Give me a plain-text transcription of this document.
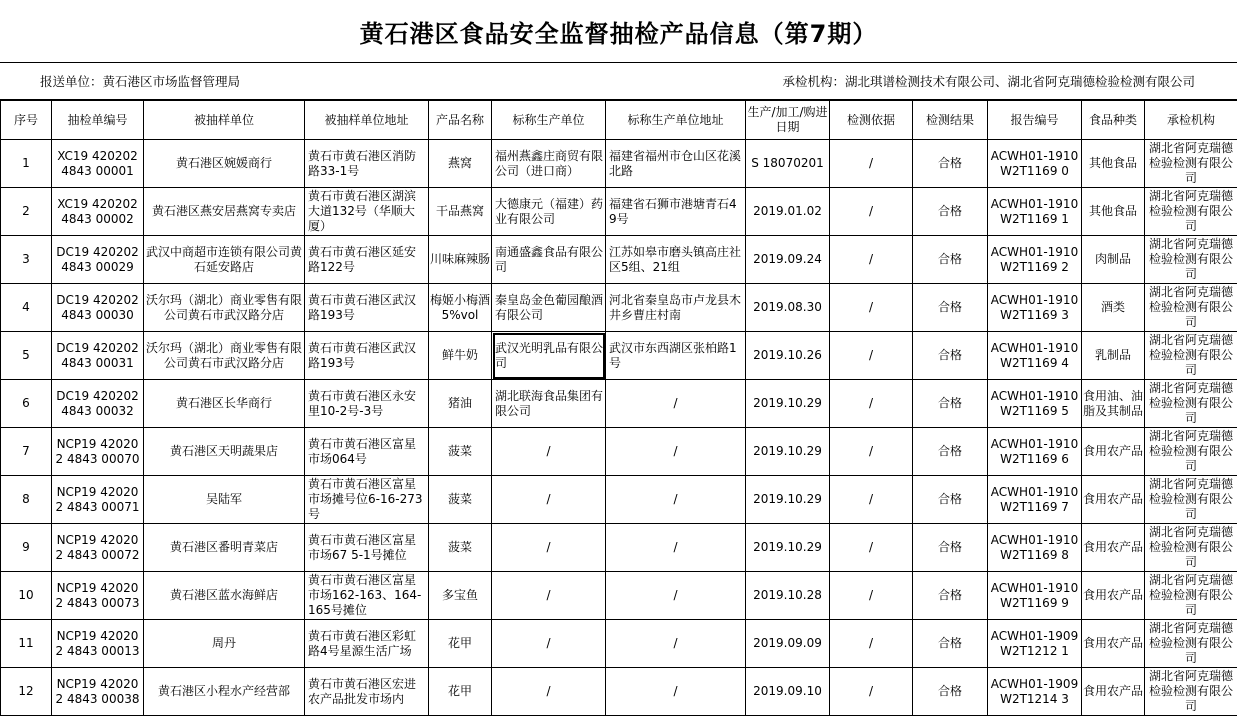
黄石港区食品安全监督抽检产品信息（第7期）
报送单位：黄石港区市场监督管理局	承检机构：湖北琪谱检测技术有限公司、湖北省阿克瑞德检验检测有限公司
序号	抽检单编号	被抽样单位	被抽样单位地址	产品名称	标称生产单位	标称生产单位地址	生产/加工/购进日期	检测依据	检测结果	报告编号	食品种类	承检机构
1	XC19 420202 4843 00001	黄石港区婉媛商行	黄石市黄石港区消防路33-1号	燕窝	福州燕鑫庄商贸有限公司（进口商）	福建省福州市仓山区花溪北路	S 18070201	/	合格	ACWH01-1910W2T1169 0	其他食品	湖北省阿克瑞德检验检测有限公司
2	XC19 420202 4843 00002	黄石港区燕安居燕窝专卖店	黄石市黄石港区湖滨大道132号（华顺大厦）	干品燕窝	大德康元（福建）药业有限公司	福建省石狮市港塘青石49号	2019.01.02	/	合格	ACWH01-1910W2T1169 1	其他食品	湖北省阿克瑞德检验检测有限公司
3	DC19 420202 4843 00029	武汉中商超市连锁有限公司黄石延安路店	黄石市黄石港区延安路122号	川味麻辣肠	南通盛鑫食品有限公司	江苏如皋市磨头镇高庄社区5组、21组	2019.09.24	/	合格	ACWH01-1910W2T1169 2	肉制品	湖北省阿克瑞德检验检测有限公司
4	DC19 420202 4843 00030	沃尔玛（湖北）商业零售有限公司黄石市武汉路分店	黄石市黄石港区武汉路193号	梅姬小梅酒5%vol	秦皇岛金色葡园酿酒有限公司	河北省秦皇岛市卢龙县木井乡曹庄村南	2019.08.30	/	合格	ACWH01-1910W2T1169 3	酒类	湖北省阿克瑞德检验检测有限公司
5	DC19 420202 4843 00031	沃尔玛（湖北）商业零售有限公司黄石市武汉路分店	黄石市黄石港区武汉路193号	鲜牛奶	武汉光明乳品有限公司	武汉市东西湖区张柏路1号	2019.10.26	/	合格	ACWH01-1910W2T1169 4	乳制品	湖北省阿克瑞德检验检测有限公司
6	DC19 420202 4843 00032	黄石港区长华商行	黄石市黄石港区永安里10-2号-3号	猪油	湖北联海食品集团有限公司	/	2019.10.29	/	合格	ACWH01-1910W2T1169 5	食用油、油脂及其制品	湖北省阿克瑞德检验检测有限公司
7	NCP19 420202 4843 00070	黄石港区天明蔬果店	黄石市黄石港区富星市场064号	菠菜	/	/	2019.10.29	/	合格	ACWH01-1910W2T1169 6	食用农产品	湖北省阿克瑞德检验检测有限公司
8	NCP19 420202 4843 00071	吴陆军	黄石市黄石港区富星市场摊号位6-16-273号	菠菜	/	/	2019.10.29	/	合格	ACWH01-1910W2T1169 7	食用农产品	湖北省阿克瑞德检验检测有限公司
9	NCP19 420202 4843 00072	黄石港区番明青菜店	黄石市黄石港区富星市场67 5-1号摊位	菠菜	/	/	2019.10.29	/	合格	ACWH01-1910W2T1169 8	食用农产品	湖北省阿克瑞德检验检测有限公司
10	NCP19 420202 4843 00073	黄石港区蓝水海鲜店	黄石市黄石港区富星市场162-163、164-165号摊位	多宝鱼	/	/	2019.10.28	/	合格	ACWH01-1910W2T1169 9	食用农产品	湖北省阿克瑞德检验检测有限公司
11	NCP19 420202 4843 00013	周丹	黄石市黄石港区彩虹路4号星源生活广场	花甲	/	/	2019.09.09	/	合格	ACWH01-1909W2T1212 1	食用农产品	湖北省阿克瑞德检验检测有限公司
12	NCP19 420202 4843 00038	黄石港区小程水产经营部	黄石市黄石港区宏进农产品批发市场内	花甲	/	/	2019.09.10	/	合格	ACWH01-1909W2T1214 3	食用农产品	湖北省阿克瑞德检验检测有限公司
